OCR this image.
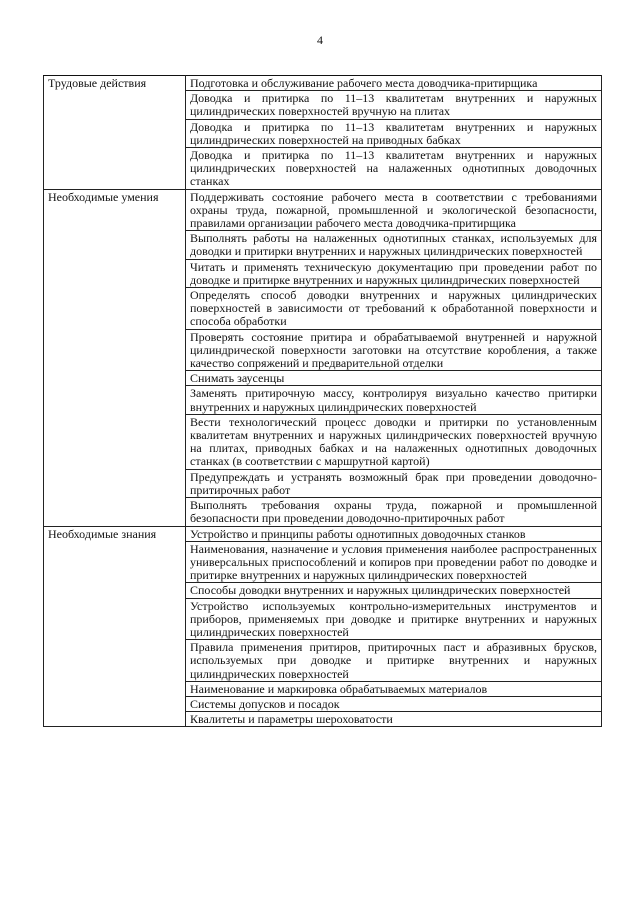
4
Трудовые действия	Подготовка и обслуживание рабочего места доводчика-притирщика
	Доводка и притирка по 11–13 квалитетам внутренних и наружных цилиндрических поверхностей вручную на плитах
	Доводка и притирка по 11–13 квалитетам внутренних и наружных цилиндрических поверхностей на приводных бабках
	Доводка и притирка по 11–13 квалитетам внутренних и наружных цилиндрических поверхностей на налаженных однотипных доводочных станках
Необходимые умения	Поддерживать состояние рабочего места в соответствии с требованиями охраны труда, пожарной, промышленной и экологической безопасности, правилами организации рабочего места доводчика-притирщика
	Выполнять работы на налаженных однотипных станках, используемых для доводки и притирки внутренних и наружных цилиндрических поверхностей
	Читать и применять техническую документацию при проведении работ по доводке и притирке внутренних и наружных цилиндрических поверхностей
	Определять способ доводки внутренних и наружных цилиндрических поверхностей в зависимости от требований к обработанной поверхности и способа обработки
	Проверять состояние притира и обрабатываемой внутренней и наружной цилиндрической поверхности заготовки на отсутствие коробления, а также качество сопряжений и предварительной отделки
	Снимать заусенцы
	Заменять притирочную массу, контролируя визуально качество притирки внутренних и наружных цилиндрических поверхностей
	Вести технологический процесс доводки и притирки по установленным квалитетам внутренних и наружных цилиндрических поверхностей вручную на плитах, приводных бабках и на налаженных однотипных доводочных станках (в соответствии с маршрутной картой)
	Предупреждать и устранять возможный брак при проведении доводочно-притирочных работ
	Выполнять требования охраны труда, пожарной и промышленной безопасности при проведении доводочно-притирочных работ
Необходимые знания	Устройство и принципы работы однотипных доводочных станков
	Наименования, назначение и условия применения наиболее распространенных универсальных приспособлений и копиров при проведении работ по доводке и притирке внутренних и наружных цилиндрических поверхностей
	Способы доводки внутренних и наружных цилиндрических поверхностей
	Устройство используемых контрольно-измерительных инструментов и приборов, применяемых при доводке и притирке внутренних и наружных цилиндрических поверхностей
	Правила применения притиров, притирочных паст и абразивных брусков, используемых при доводке и притирке внутренних и наружных цилиндрических поверхностей
	Наименование и маркировка обрабатываемых материалов
	Системы допусков и посадок
	Квалитеты и параметры шероховатости
